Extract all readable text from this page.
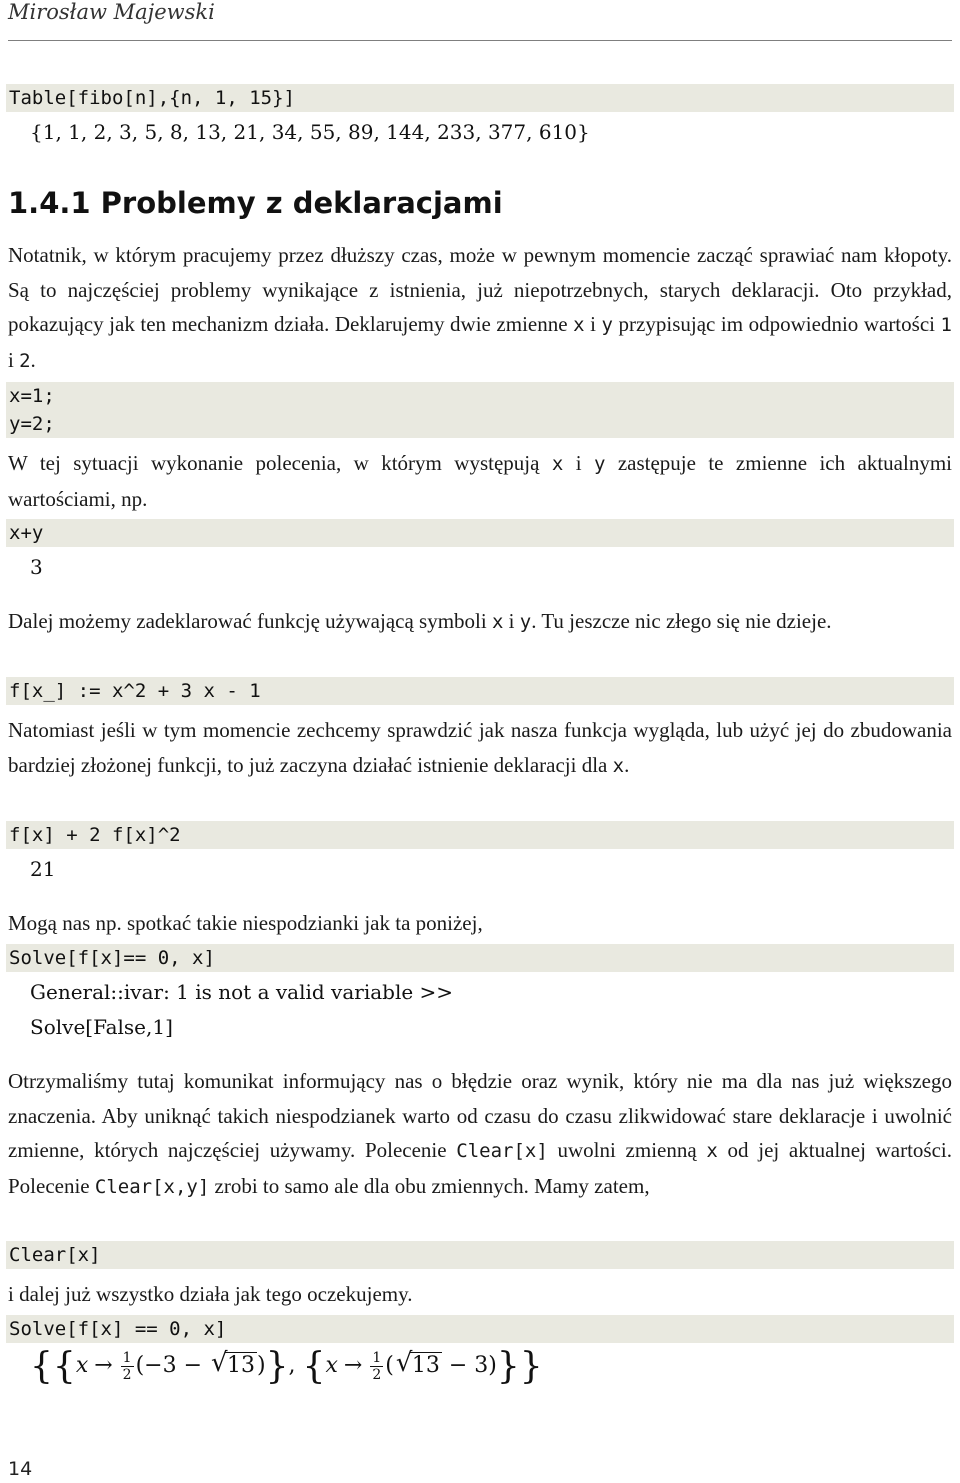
Mirosław Majewski
Table[fibo[n],{n, 1, 15}]
{1, 1, 2, 3, 5, 8, 13, 21, 34, 55, 89, 144, 233, 377, 610}
1.4.1 Problemy z deklaracjami
Notatnik, w którym pracujemy przez dłuższy czas, może w pewnym momencie zacząć sprawiać nam kłopoty. Są to najczęściej problemy wynikające z istnienia, już niepotrzebnych, starych deklaracji. Oto przykład, pokazujący jak ten mechanizm działa. Deklarujemy dwie zmienne x i y przypisując im odpowiednio wartości 1 i 2.
x=1;
y=2;
W tej sytuacji wykonanie polecenia, w którym występują x i y zastępuje te zmienne ich aktualnymi wartościami, np.
x+y
3
Dalej możemy zadeklarować funkcję używającą symboli x i y. Tu jeszcze nic złego się nie dzieje.
f[x_] := x^2 + 3 x - 1
Natomiast jeśli w tym momencie zechcemy sprawdzić jak nasza funkcja wygląda, lub użyć jej do zbudowania bardziej złożonej funkcji, to już zaczyna działać istnienie deklaracji dla x.
f[x] + 2 f[x]^2
21
Mogą nas np. spotkać takie niespodzianki jak ta poniżej,
Solve[f[x]== 0, x]
General::ivar: 1 is not a valid variable >>
Solve[False,1]
Otrzymaliśmy tutaj komunikat informujący nas o błędzie oraz wynik, który nie ma dla nas już większego znaczenia. Aby uniknąć takich niespodzianek warto od czasu do czasu zlikwidować stare deklaracje i uwolnić zmienne, których najczęściej używamy. Polecenie Clear[x] uwolni zmienną x od jej aktualnej wartości. Polecenie Clear[x,y] zrobi to samo ale dla obu zmiennych. Mamy zatem,
Clear[x]
i dalej już wszystko działa jak tego oczekujemy.
Solve[f[x] == 0, x]
{{$x \to \frac{1}{2} (-3$ − √ 13)}, {$x \to \frac{1}{2}$ ( √ 13 − 3)}}
14
